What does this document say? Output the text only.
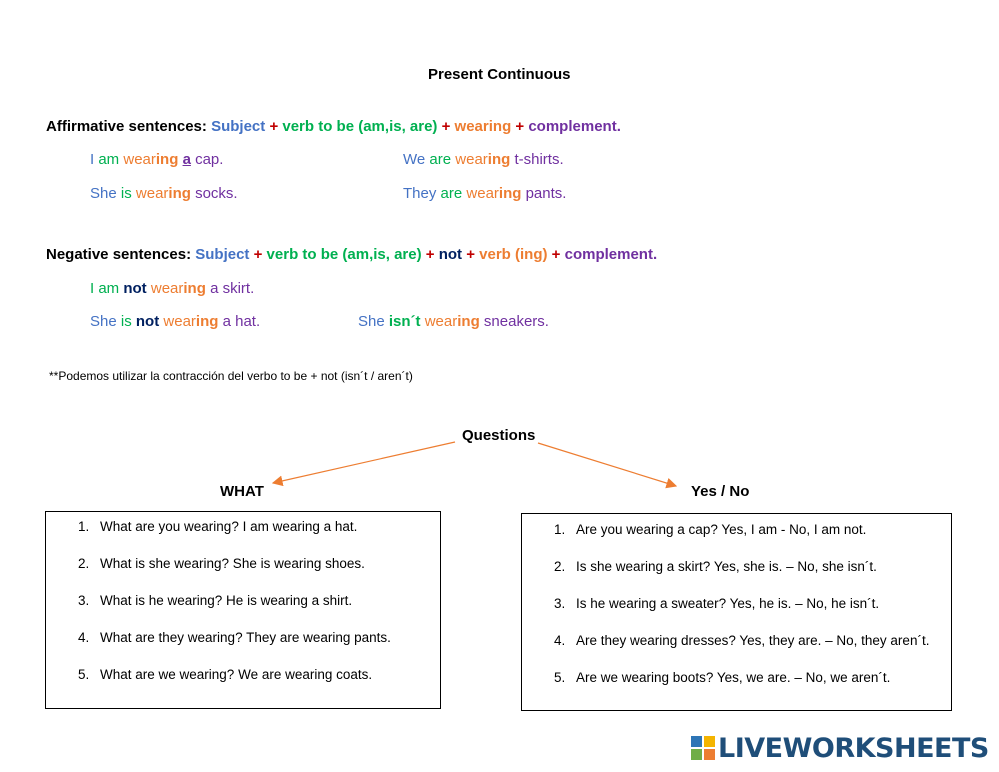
Present Continuous
Affirmative sentences: Subject + verb to be (am,is, are) + wearing + complement.
I am wearing a cap.	We are wearing t-shirts.
She is wearing socks.	They are wearing pants.
Negative sentences: Subject + verb to be (am,is, are) + not + verb (ing) + complement.
I am not wearing a skirt.
She is not wearing a hat.	She isn´t wearing sneakers.
**Podemos utilizar la contracción del verbo to be + not (isn´t / aren´t)
Questions
WHAT	Yes / No
1. What are you wearing? I am wearing a hat.
2. What is she wearing? She is wearing shoes.
3. What is he wearing? He is wearing a shirt.
4. What are they wearing? They are wearing pants.
5. What are we wearing? We are wearing coats.
1. Are you wearing a cap? Yes, I am - No, I am not.
2. Is she wearing a skirt? Yes, she is. – No, she isn´t.
3. Is he wearing a sweater? Yes, he is. – No, he isn´t.
4. Are they wearing dresses? Yes, they are. – No, they aren´t.
5. Are we wearing boots? Yes, we are. – No, we aren´t.
LIVEWORKSHEETS
